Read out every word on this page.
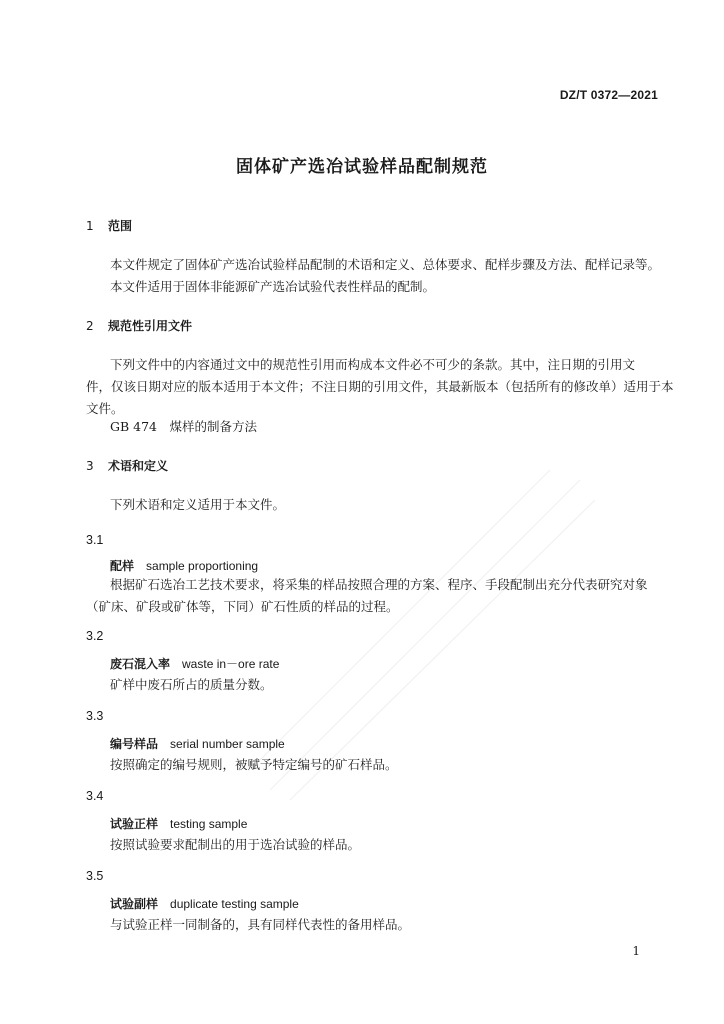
DZ/T 0372—2021
固体矿产选冶试验样品配制规范
1 范围
本文件规定了固体矿产选冶试验样品配制的术语和定义、总体要求、配样步骤及方法、配样记录等。
本文件适用于固体非能源矿产选冶试验代表性样品的配制。
2 规范性引用文件
下列文件中的内容通过文中的规范性引用而构成本文件必不可少的条款。其中，注日期的引用文
件，仅该日期对应的版本适用于本文件；不注日期的引用文件，其最新版本（包括所有的修改单）适用于本
文件。
GB 474　煤样的制备方法
3 术语和定义
下列术语和定义适用于本文件。
3.1
配样 sample proportioning
根据矿石选冶工艺技术要求，将采集的样品按照合理的方案、程序、手段配制出充分代表研究对象
（矿床、矿段或矿体等，下同）矿石性质的样品的过程。
3.2
废石混入率 waste in－ore rate
矿样中废石所占的质量分数。
3.3
编号样品 serial number sample
按照确定的编号规则，被赋予特定编号的矿石样品。
3.4
试验正样 testing sample
按照试验要求配制出的用于选冶试验的样品。
3.5
试验副样 duplicate testing sample
与试验正样一同制备的，具有同样代表性的备用样品。
1
